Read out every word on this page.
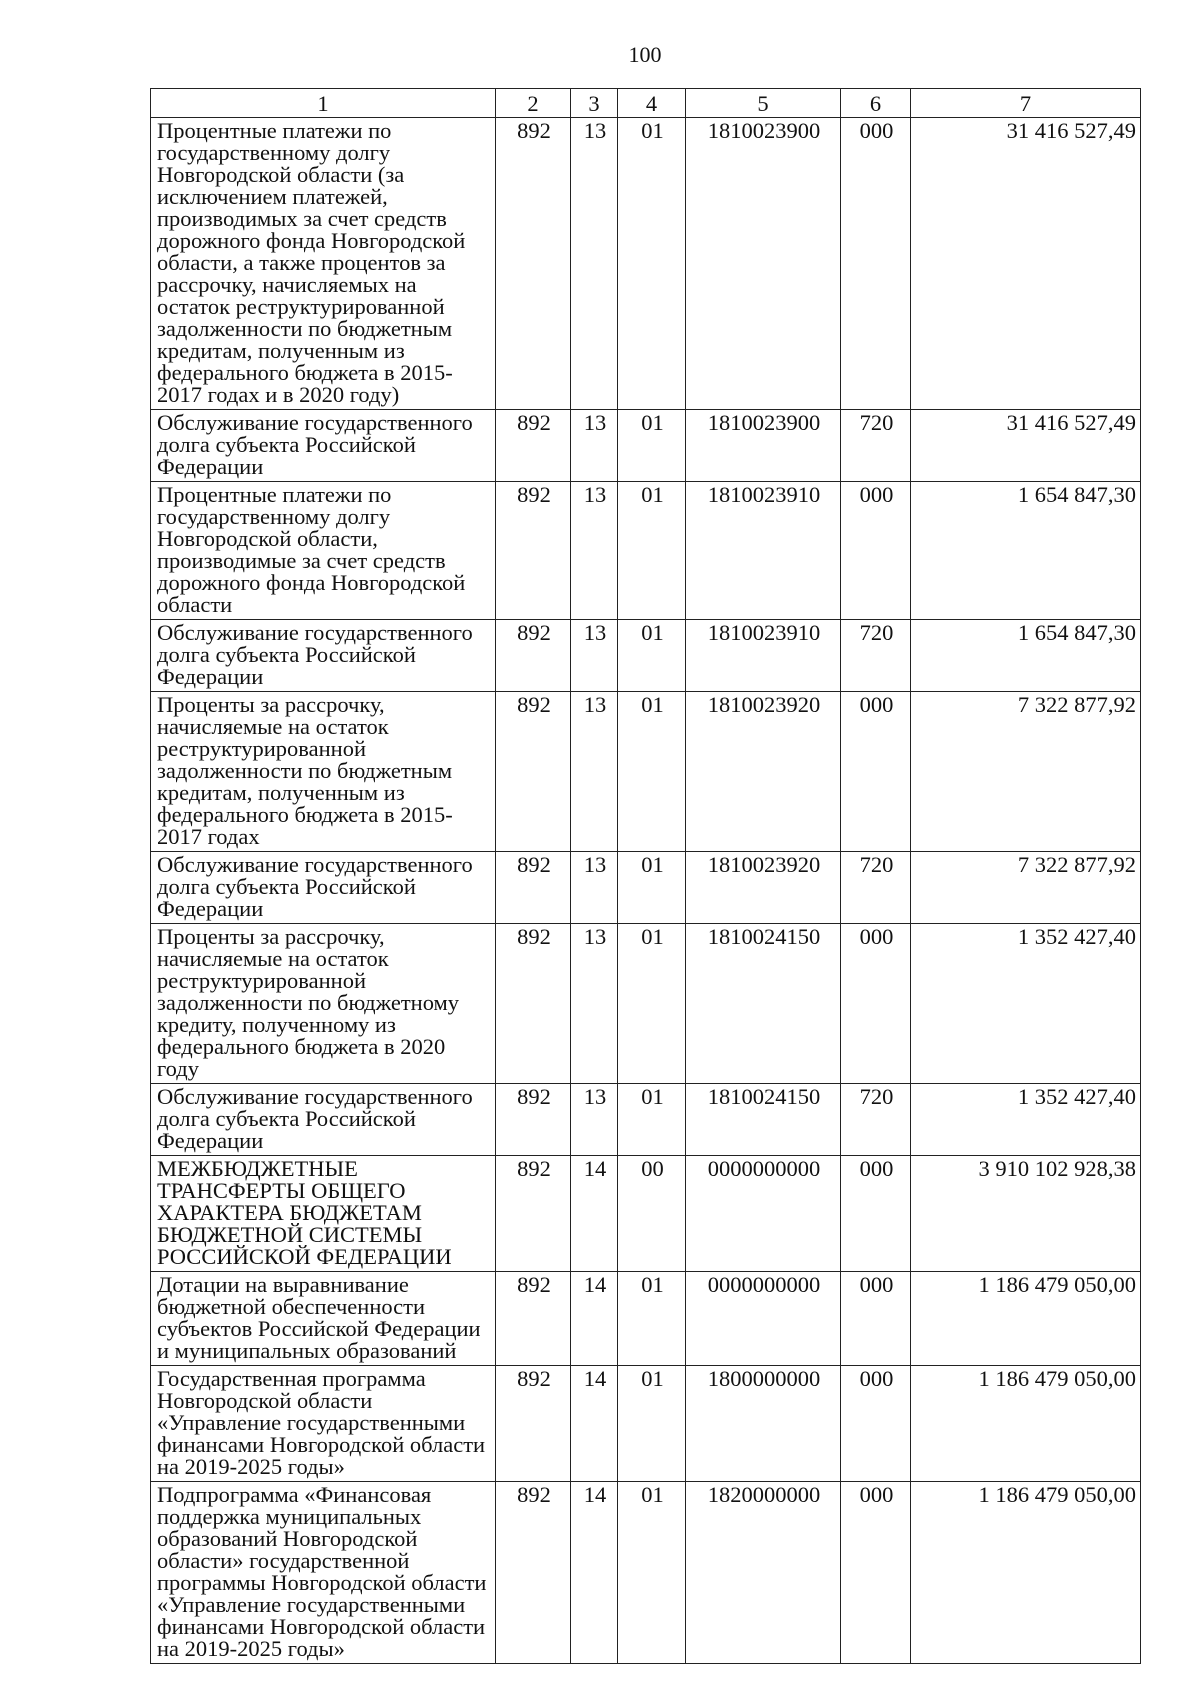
100
1	2	3	4	5	6	7
Процентные платежи по государственному долгу Новгородской области (за исключением платежей, производимых за счет средств дорожного фонда Новгородской области, а также процентов за рассрочку, начисляемых на остаток реструктурированной задолженности по бюджетным кредитам, полученным из федерального бюджета в 2015-2017 годах и в 2020 году)	892	13	01	1810023900	000	31 416 527,49
Обслуживание государственного долга субъекта Российской Федерации	892	13	01	1810023900	720	31 416 527,49
Процентные платежи по государственному долгу Новгородской области, производимые за счет средств дорожного фонда Новгородской области	892	13	01	1810023910	000	1 654 847,30
Обслуживание государственного долга субъекта Российской Федерации	892	13	01	1810023910	720	1 654 847,30
Проценты за рассрочку, начисляемые на остаток реструктурированной задолженности по бюджетным кредитам, полученным из федерального бюджета в 2015-2017 годах	892	13	01	1810023920	000	7 322 877,92
Обслуживание государственного долга субъекта Российской Федерации	892	13	01	1810023920	720	7 322 877,92
Проценты за рассрочку, начисляемые на остаток реструктурированной задолженности по бюджетному кредиту, полученному из федерального бюджета в 2020 году	892	13	01	1810024150	000	1 352 427,40
Обслуживание государственного долга субъекта Российской Федерации	892	13	01	1810024150	720	1 352 427,40
МЕЖБЮДЖЕТНЫЕ ТРАНСФЕРТЫ ОБЩЕГО ХАРАКТЕРА БЮДЖЕТАМ БЮДЖЕТНОЙ СИСТЕМЫ РОССИЙСКОЙ ФЕДЕРАЦИИ	892	14	00	0000000000	000	3 910 102 928,38
Дотации на выравнивание бюджетной обеспеченности субъектов Российской Федерации и муниципальных образований	892	14	01	0000000000	000	1 186 479 050,00
Государственная программа Новгородской области «Управление государственными финансами Новгородской области на 2019-2025 годы»	892	14	01	1800000000	000	1 186 479 050,00
Подпрограмма «Финансовая поддержка муниципальных образований Новгородской области» государственной программы Новгородской области «Управление государственными финансами Новгородской области на 2019-2025 годы»	892	14	01	1820000000	000	1 186 479 050,00
